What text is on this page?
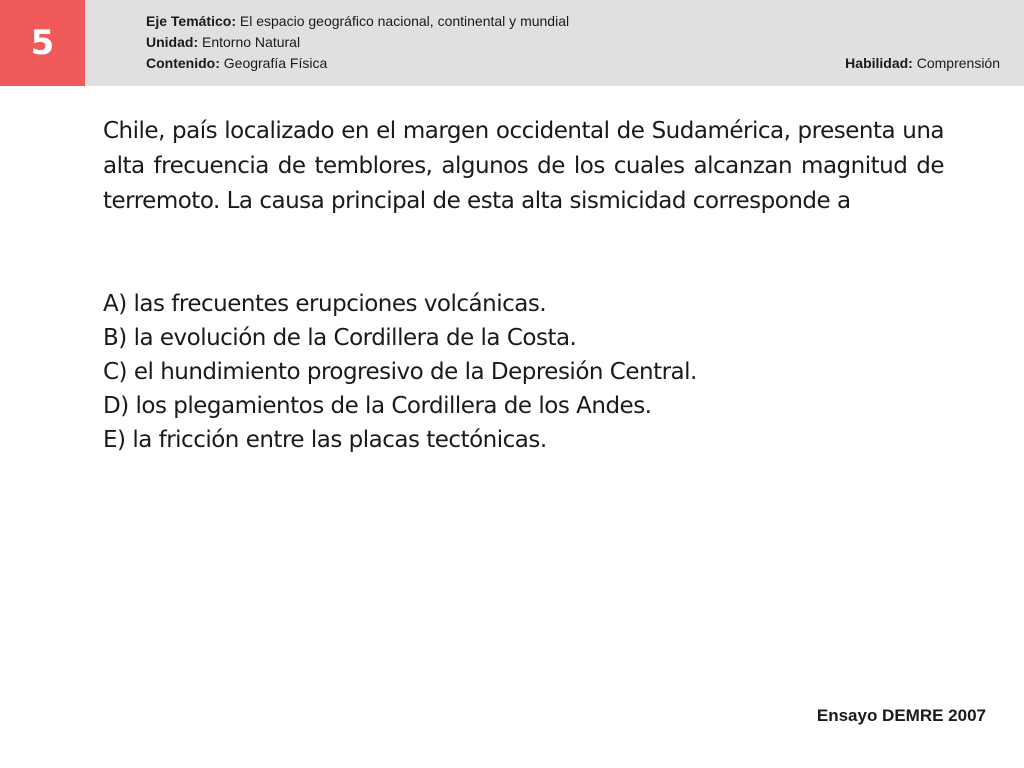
5
Eje Temático: El espacio geográfico nacional, continental y mundial
Unidad: Entorno Natural
Contenido: Geografía Física	Habilidad: Comprensión
Chile, país localizado en el margen occidental de Sudamérica, presenta una alta frecuencia de temblores, algunos de los cuales alcanzan magnitud de terremoto. La causa principal de esta alta sismicidad corresponde a
A) las frecuentes erupciones volcánicas.
B) la evolución de la Cordillera de la Costa.
C) el hundimiento progresivo de la Depresión Central.
D) los plegamientos de la Cordillera de los Andes.
E) la fricción entre las placas tectónicas.
Ensayo DEMRE 2007
